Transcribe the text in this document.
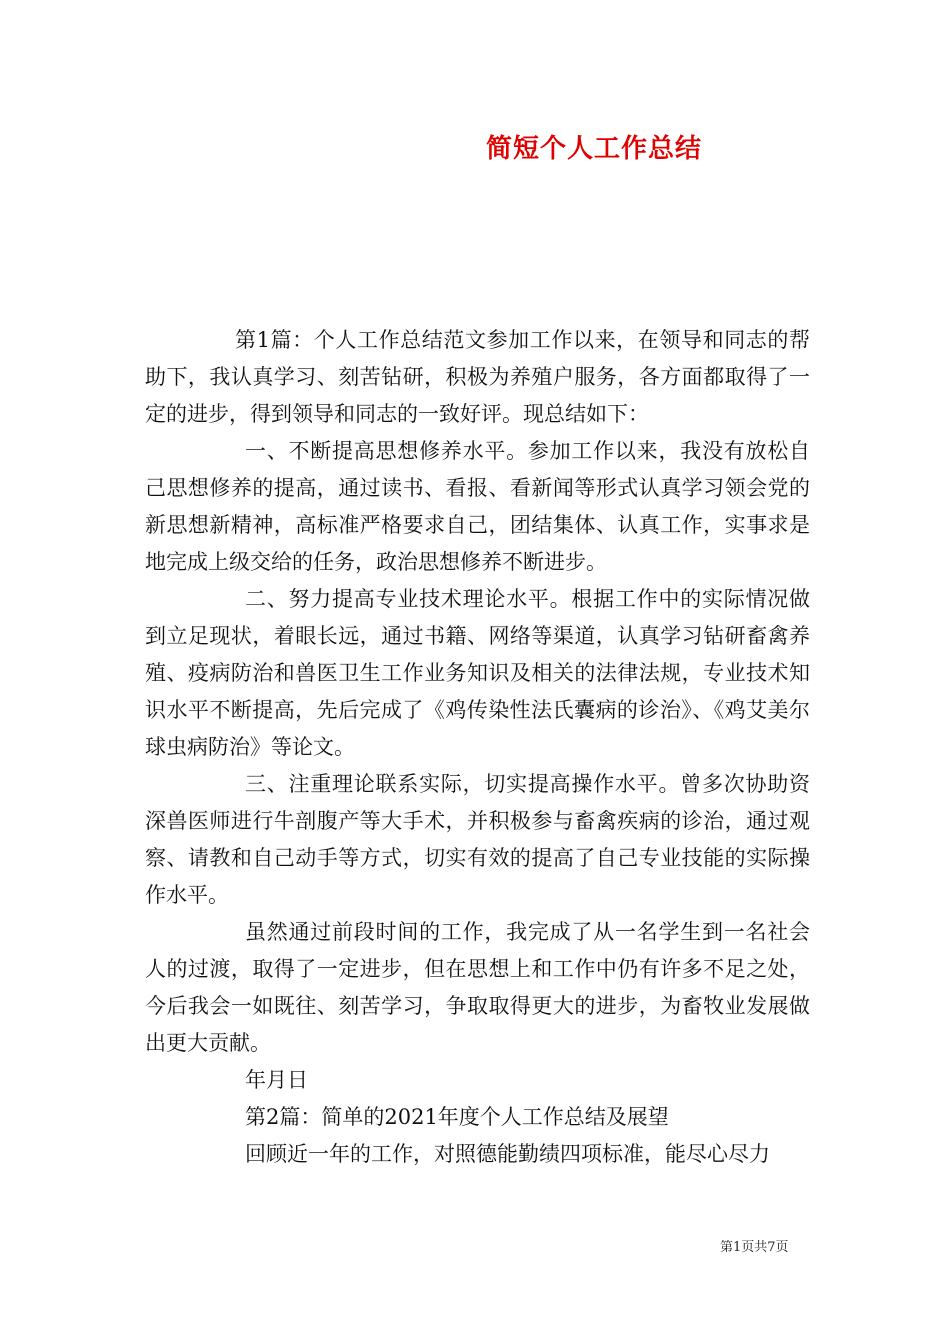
简短个人工作总结

第1篇：个人工作总结范文参加工作以来，在领导和同志的帮助下，我认真学习、刻苦钻研，积极为养殖户服务，各方面都取得了一定的进步，得到领导和同志的一致好评。现总结如下：

一、不断提高思想修养水平。参加工作以来，我没有放松自己思想修养的提高，通过读书、看报、看新闻等形式认真学习领会党的新思想新精神，高标准严格要求自己，团结集体、认真工作，实事求是地完成上级交给的任务，政治思想修养不断进步。

二、努力提高专业技术理论水平。根据工作中的实际情况做到立足现状，着眼长远，通过书籍、网络等渠道，认真学习钻研畜禽养殖、疫病防治和兽医卫生工作业务知识及相关的法律法规，专业技术知识水平不断提高，先后完成了《鸡传染性法氏囊病的诊治》、《鸡艾美尔球虫病防治》等论文。

三、注重理论联系实际，切实提高操作水平。曾多次协助资深兽医师进行牛剖腹产等大手术，并积极参与畜禽疾病的诊治，通过观察、请教和自己动手等方式，切实有效的提高了自己专业技能的实际操作水平。

虽然通过前段时间的工作，我完成了从一名学生到一名社会人的过渡，取得了一定进步，但在思想上和工作中仍有许多不足之处，今后我会一如既往、刻苦学习，争取取得更大的进步，为畜牧业发展做出更大贡献。

年月日

第2篇：简单的2021年度个人工作总结及展望

回顾近一年的工作，对照德能勤绩四项标准，能尽心尽力

第1页共7页
